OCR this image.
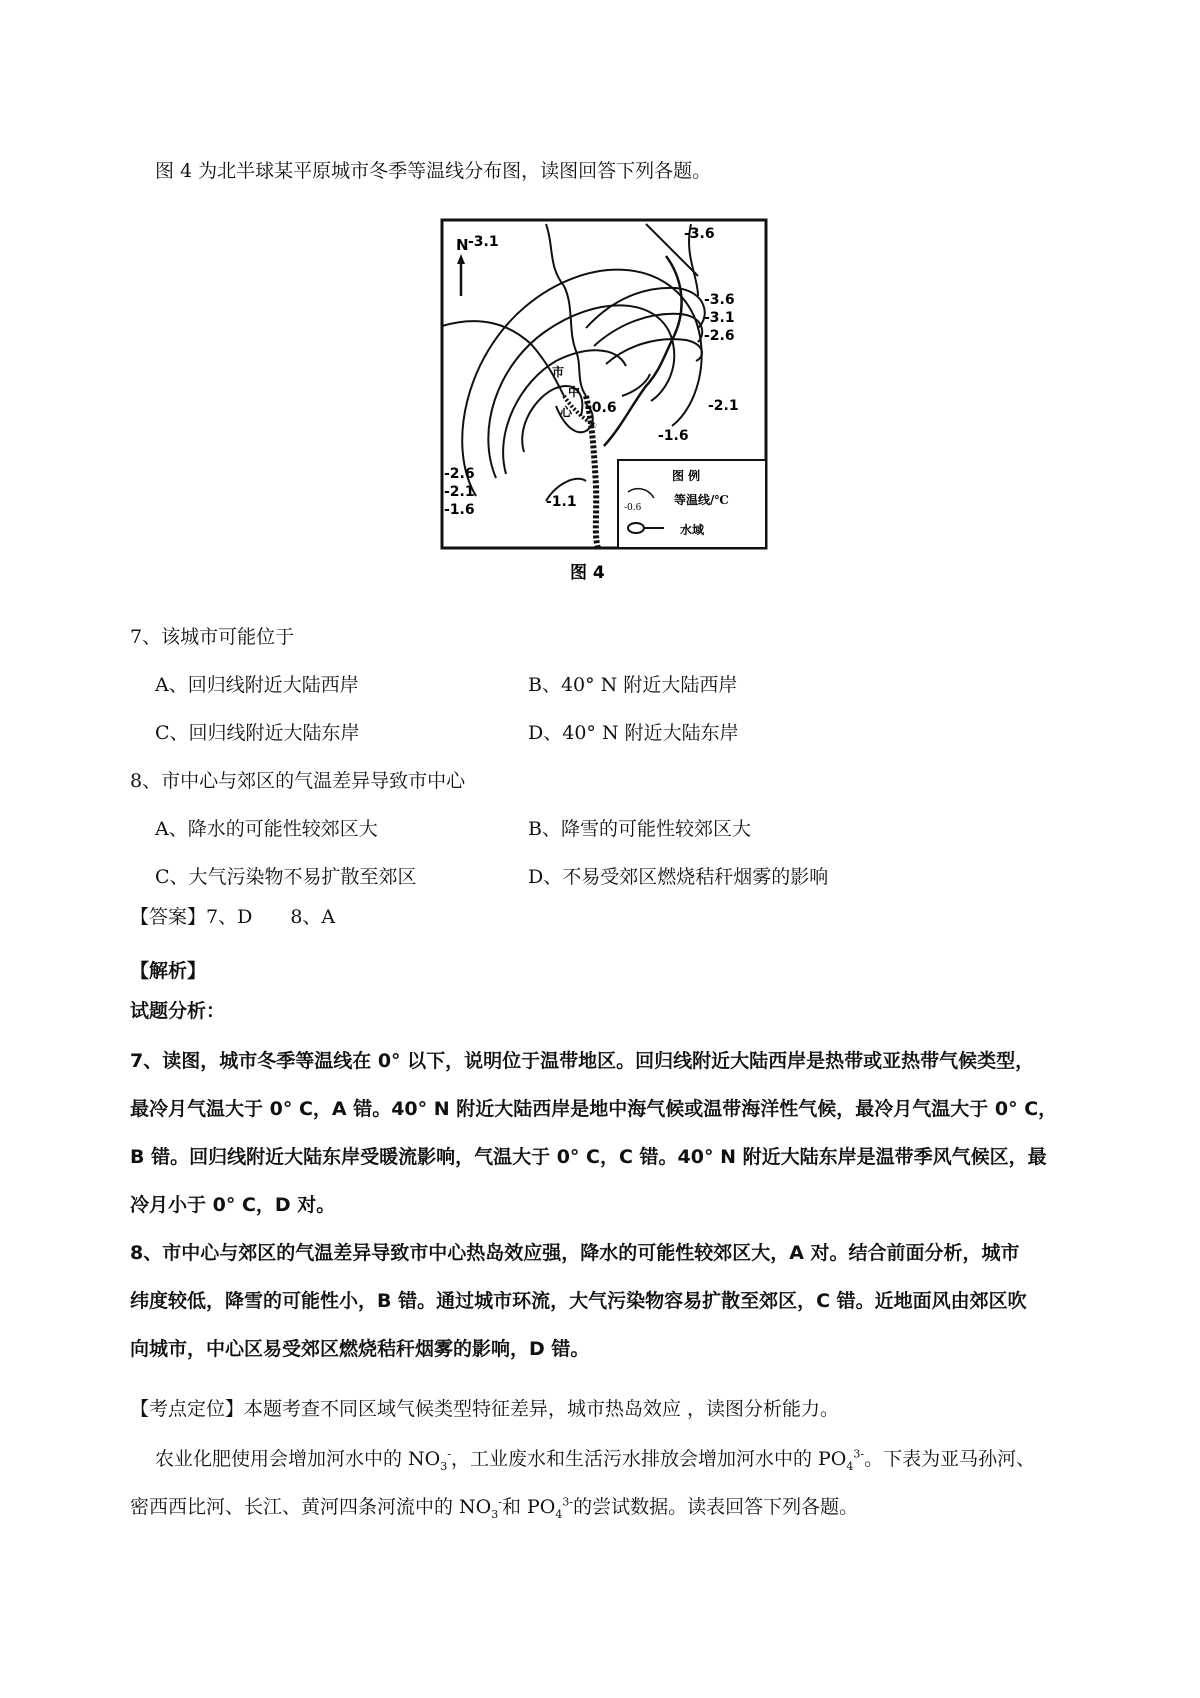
图 4 为北半球某平原城市冬季等温线分布图，读图回答下列各题。
N
市
中
心
-3.1	-3.6
-3.6
-3.1
-2.6
-2.1
-1.6
-0.6
-2.6
-2.1
-1.6	-1.1
图 例
-0.6
等温线/℃
水域
图 4
7、该城市可能位于
A、回归线附近大陆西岸	B、40° N 附近大陆西岸
C、回归线附近大陆东岸	D、40° N 附近大陆东岸
8、市中心与郊区的气温差异导致市中心
A、降水的可能性较郊区大	B、降雪的可能性较郊区大
C、大气污染物不易扩散至郊区	D、不易受郊区燃烧秸秆烟雾的影响
【答案】7、D　　8、A
【解析】
试题分析：
7、读图，城市冬季等温线在 0° 以下，说明位于温带地区。回归线附近大陆西岸是热带或亚热带气候类型，
最冷月气温大于 0° C，A 错。40° N 附近大陆西岸是地中海气候或温带海洋性气候，最冷月气温大于 0° C，
B 错。回归线附近大陆东岸受暖流影响，气温大于 0° C，C 错。40° N 附近大陆东岸是温带季风气候区，最
冷月小于 0° C，D 对。
8、市中心与郊区的气温差异导致市中心热岛效应强，降水的可能性较郊区大，A 对。结合前面分析，城市
纬度较低，降雪的可能性小，B 错。通过城市环流，大气污染物容易扩散至郊区，C 错。近地面风由郊区吹
向城市，中心区易受郊区燃烧秸秆烟雾的影响，D 错。
【考点定位】本题考查不同区域气候类型特征差异，城市热岛效应 ，读图分析能力。
农业化肥使用会增加河水中的 $NO_3^-$，工业废水和生活污水排放会增加河水中的 $PO_4^{3-}$。下表为亚马孙河、
密西西比河、长江、黄河四条河流中的 $NO_3^-$和 $PO_4^{3-}$的尝试数据。读表回答下列各题。
